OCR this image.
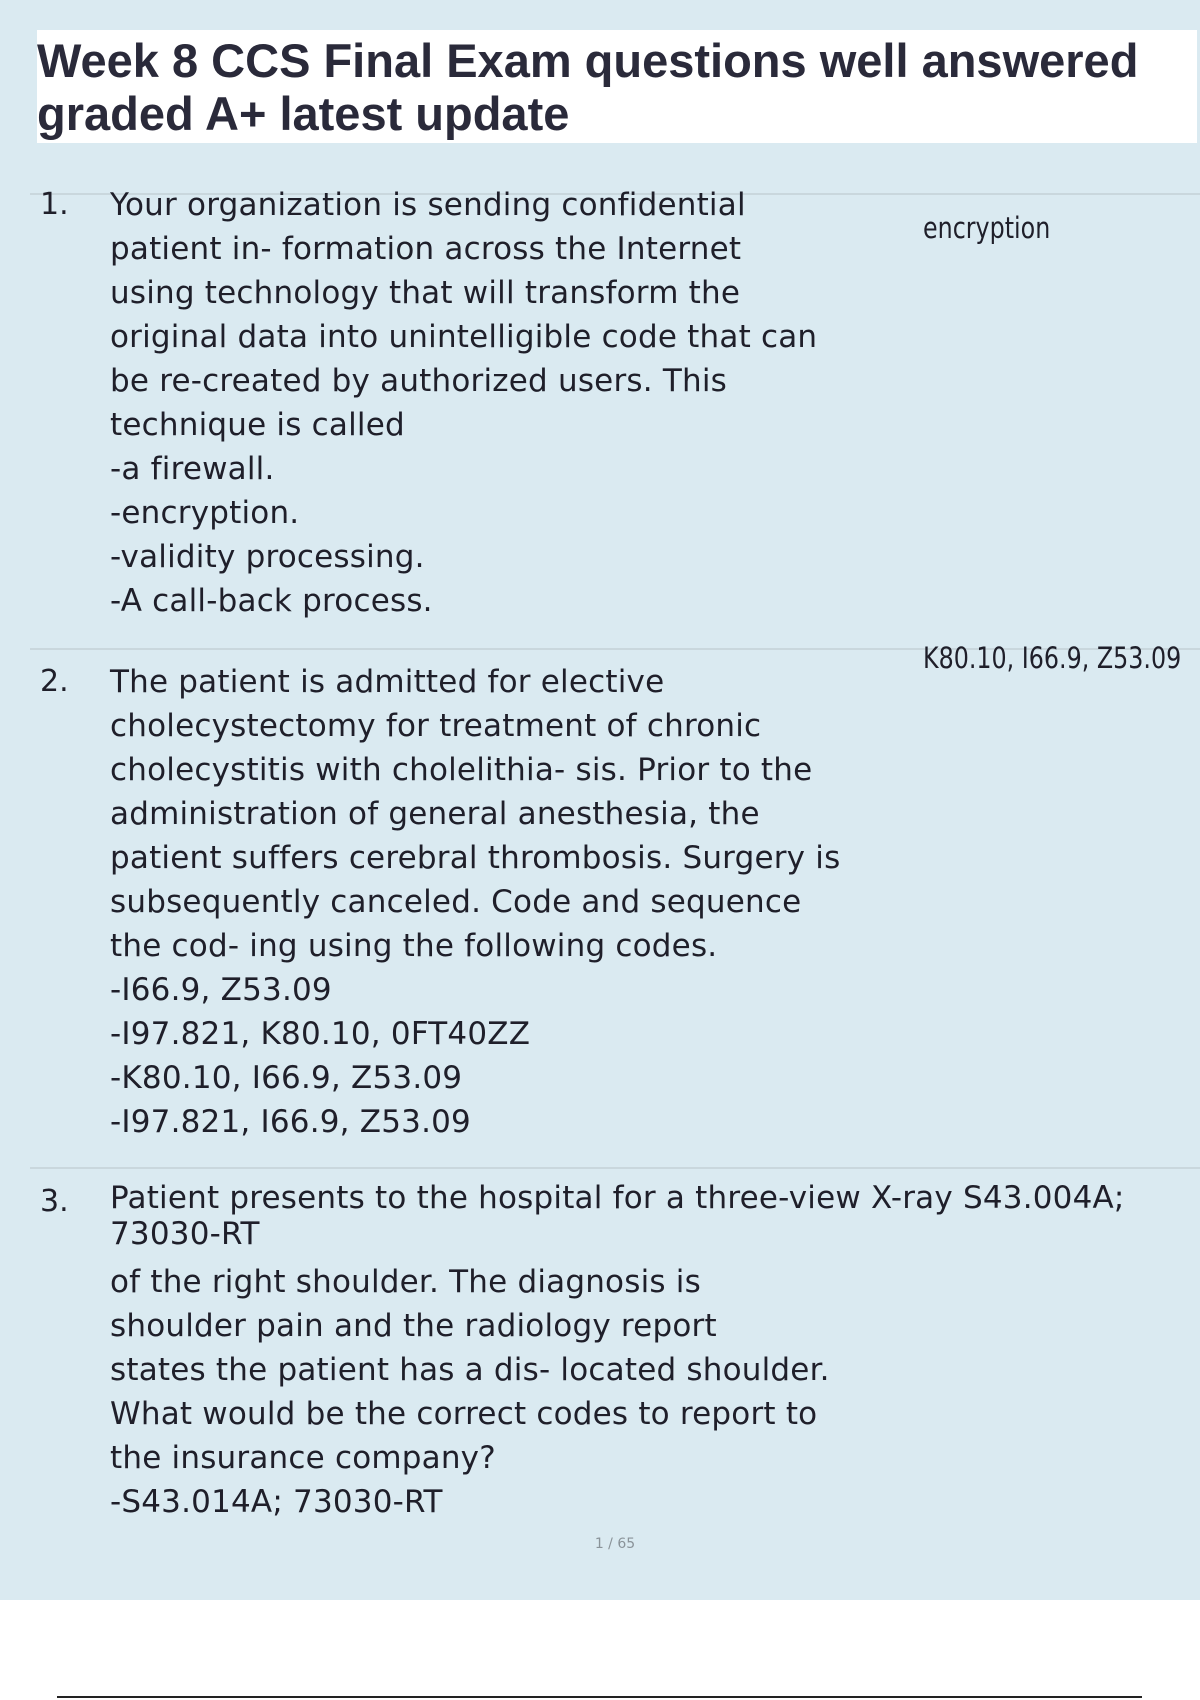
Week 8 CCS Final Exam questions well answered graded A+ latest update
1. Your organization is sending confidential

patient in- formation across the Internet

using technology that will transform the

original data into unintelligible code that can

be re-created by authorized users. This

technique is called

-a firewall.

-encryption.

-validity processing.

-A call-back process.

encryption
K80.10, I66.9, Z53.09
2. The patient is admitted for elective

cholecystectomy for treatment of chronic

cholecystitis with cholelithia- sis. Prior to the

administration of general anesthesia, the

patient suffers cerebral thrombosis. Surgery is

subsequently canceled. Code and sequence

the cod- ing using the following codes.

-I66.9, Z53.09

-I97.821, K80.10, 0FT40ZZ

-K80.10, I66.9, Z53.09

-I97.821, I66.9, Z53.09

3. Patient presents to the hospital for a three-view X-ray S43.004A;

73030-RT

of the right shoulder. The diagnosis is

shoulder pain and the radiology report

states the patient has a dis- located shoulder.

What would be the correct codes to report to

the insurance company?

-S43.014A; 73030-RT

1 / 65
